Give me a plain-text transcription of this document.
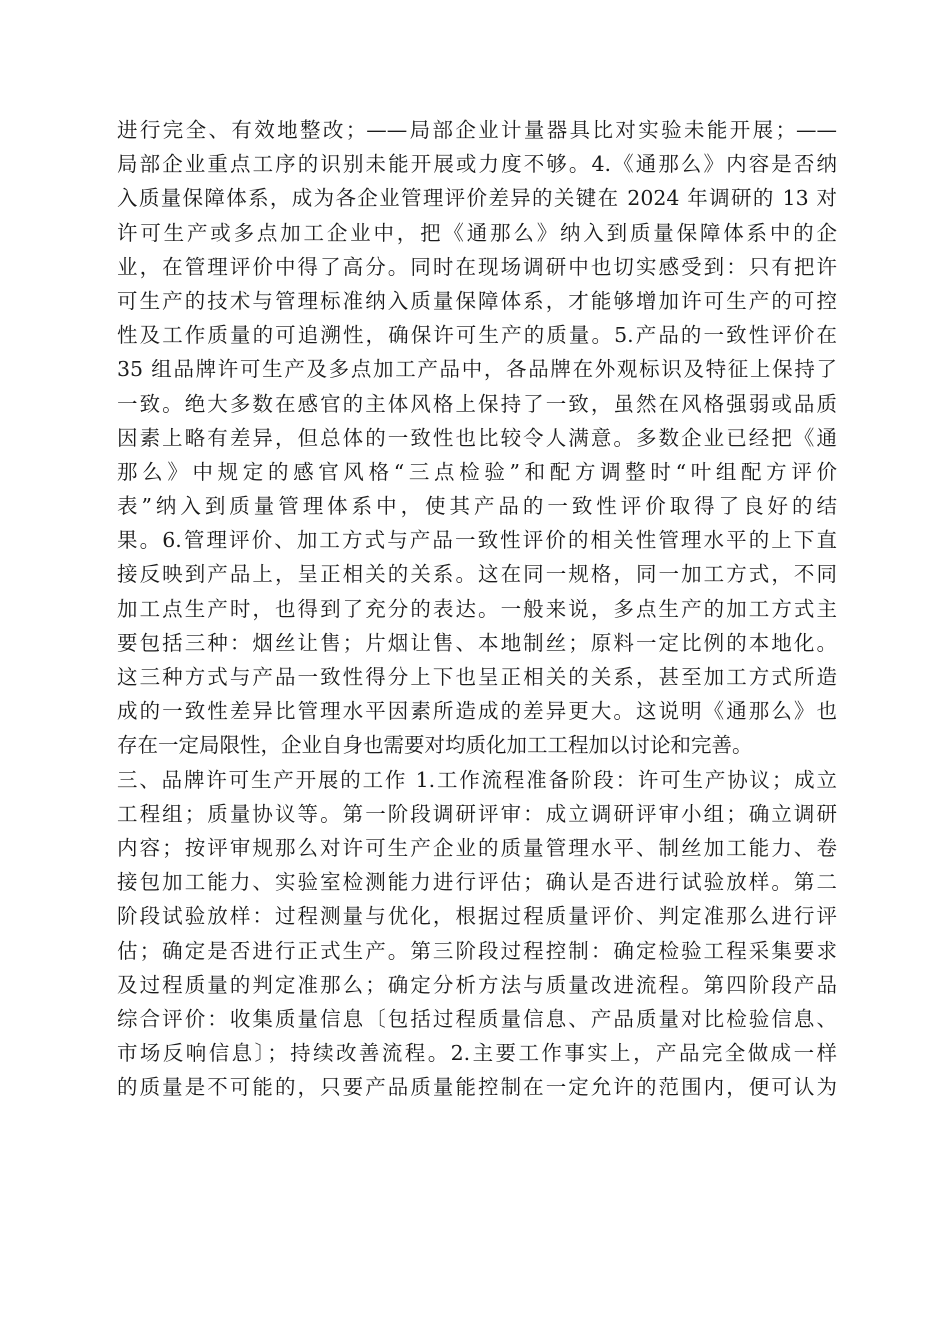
进行完全、有效地整改；——局部企业计量器具比对实验未能开展；——
局部企业重点工序的识别未能开展或力度不够。4.《通那么》内容是否纳
入质量保障体系，成为各企业管理评价差异的关键在 2024 年调研的 13 对
许可生产或多点加工企业中，把《通那么》纳入到质量保障体系中的企
业，在管理评价中得了高分。同时在现场调研中也切实感受到：只有把许
可生产的技术与管理标准纳入质量保障体系，才能够增加许可生产的可控
性及工作质量的可追溯性，确保许可生产的质量。5.产品的一致性评价在
35 组品牌许可生产及多点加工产品中，各品牌在外观标识及特征上保持了
一致。绝大多数在感官的主体风格上保持了一致，虽然在风格强弱或品质
因素上略有差异，但总体的一致性也比较令人满意。多数企业已经把《通
那么》中规定的感官风格“三点检验”和配方调整时“叶组配方评价
表”纳入到质量管理体系中，使其产品的一致性评价取得了良好的结
果。6.管理评价、加工方式与产品一致性评价的相关性管理水平的上下直
接反映到产品上，呈正相关的关系。这在同一规格，同一加工方式，不同
加工点生产时，也得到了充分的表达。一般来说，多点生产的加工方式主
要包括三种：烟丝让售；片烟让售、本地制丝；原料一定比例的本地化。
这三种方式与产品一致性得分上下也呈正相关的关系，甚至加工方式所造
成的一致性差异比管理水平因素所造成的差异更大。这说明《通那么》也
存在一定局限性，企业自身也需要对均质化加工工程加以讨论和完善。
三、品牌许可生产开展的工作 1.工作流程准备阶段：许可生产协议；成立
工程组；质量协议等。第一阶段调研评审：成立调研评审小组；确立调研
内容；按评审规那么对许可生产企业的质量管理水平、制丝加工能力、卷
接包加工能力、实验室检测能力进行评估；确认是否进行试验放样。第二
阶段试验放样：过程测量与优化，根据过程质量评价、判定准那么进行评
估；确定是否进行正式生产。第三阶段过程控制：确定检验工程采集要求
及过程质量的判定准那么；确定分析方法与质量改进流程。第四阶段产品
综合评价：收集质量信息〔包括过程质量信息、产品质量对比检验信息、
市场反响信息〕；持续改善流程。2.主要工作事实上，产品完全做成一样
的质量是不可能的，只要产品质量能控制在一定允许的范围内，便可认为
